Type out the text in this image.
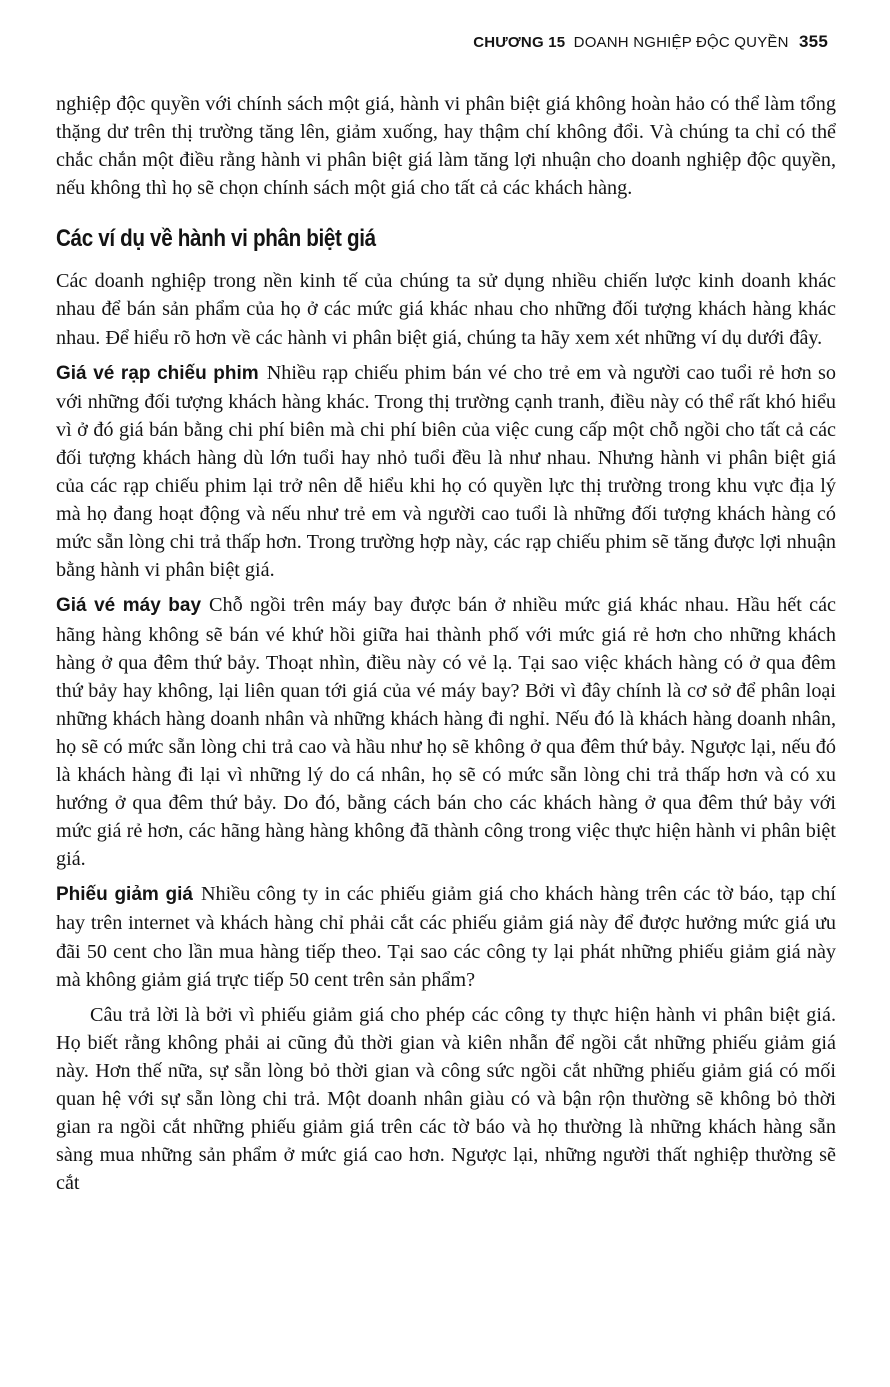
CHƯƠNG 15 DOANH NGHIỆP ĐỘC QUYỀN 355

nghiệp độc quyền với chính sách một giá, hành vi phân biệt giá không hoàn hảo có thể làm tổng thặng dư trên thị trường tăng lên, giảm xuống, hay thậm chí không đổi. Và chúng ta chỉ có thể chắc chắn một điều rằng hành vi phân biệt giá làm tăng lợi nhuận cho doanh nghiệp độc quyền, nếu không thì họ sẽ chọn chính sách một giá cho tất cả các khách hàng.

Các ví dụ về hành vi phân biệt giá

Các doanh nghiệp trong nền kinh tế của chúng ta sử dụng nhiều chiến lược kinh doanh khác nhau để bán sản phẩm của họ ở các mức giá khác nhau cho những đối tượng khách hàng khác nhau. Để hiểu rõ hơn về các hành vi phân biệt giá, chúng ta hãy xem xét những ví dụ dưới đây.

Giá vé rạp chiếu phim Nhiều rạp chiếu phim bán vé cho trẻ em và người cao tuổi rẻ hơn so với những đối tượng khách hàng khác. Trong thị trường cạnh tranh, điều này có thể rất khó hiểu vì ở đó giá bán bằng chi phí biên mà chi phí biên của việc cung cấp một chỗ ngồi cho tất cả các đối tượng khách hàng dù lớn tuổi hay nhỏ tuổi đều là như nhau. Nhưng hành vi phân biệt giá của các rạp chiếu phim lại trở nên dễ hiểu khi họ có quyền lực thị trường trong khu vực địa lý mà họ đang hoạt động và nếu như trẻ em và người cao tuổi là những đối tượng khách hàng có mức sẵn lòng chi trả thấp hơn. Trong trường hợp này, các rạp chiếu phim sẽ tăng được lợi nhuận bằng hành vi phân biệt giá.

Giá vé máy bay Chỗ ngồi trên máy bay được bán ở nhiều mức giá khác nhau. Hầu hết các hãng hàng không sẽ bán vé khứ hồi giữa hai thành phố với mức giá rẻ hơn cho những khách hàng ở qua đêm thứ bảy. Thoạt nhìn, điều này có vẻ lạ. Tại sao việc khách hàng có ở qua đêm thứ bảy hay không, lại liên quan tới giá của vé máy bay? Bởi vì đây chính là cơ sở để phân loại những khách hàng doanh nhân và những khách hàng đi nghỉ. Nếu đó là khách hàng doanh nhân, họ sẽ có mức sẵn lòng chi trả cao và hầu như họ sẽ không ở qua đêm thứ bảy. Ngược lại, nếu đó là khách hàng đi lại vì những lý do cá nhân, họ sẽ có mức sẵn lòng chi trả thấp hơn và có xu hướng ở qua đêm thứ bảy. Do đó, bằng cách bán cho các khách hàng ở qua đêm thứ bảy với mức giá rẻ hơn, các hãng hàng hàng không đã thành công trong việc thực hiện hành vi phân biệt giá.

Phiếu giảm giá Nhiều công ty in các phiếu giảm giá cho khách hàng trên các tờ báo, tạp chí hay trên internet và khách hàng chỉ phải cắt các phiếu giảm giá này để được hưởng mức giá ưu đãi 50 cent cho lần mua hàng tiếp theo. Tại sao các công ty lại phát những phiếu giảm giá này mà không giảm giá trực tiếp 50 cent trên sản phẩm?

Câu trả lời là bởi vì phiếu giảm giá cho phép các công ty thực hiện hành vi phân biệt giá. Họ biết rằng không phải ai cũng đủ thời gian và kiên nhẫn để ngồi cắt những phiếu giảm giá này. Hơn thế nữa, sự sẵn lòng bỏ thời gian và công sức ngồi cắt những phiếu giảm giá có mối quan hệ với sự sẵn lòng chi trả. Một doanh nhân giàu có và bận rộn thường sẽ không bỏ thời gian ra ngồi cắt những phiếu giảm giá trên các tờ báo và họ thường là những khách hàng sẵn sàng mua những sản phẩm ở mức giá cao hơn. Ngược lại, những người thất nghiệp thường sẽ cắt
